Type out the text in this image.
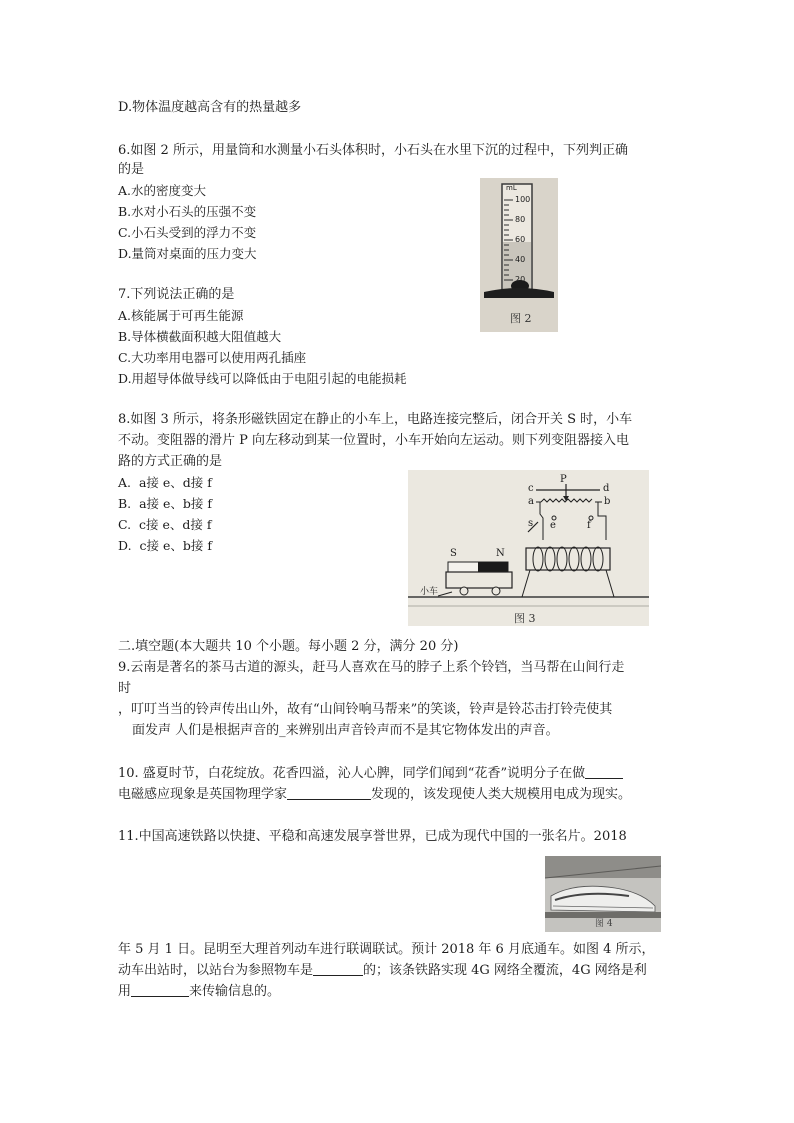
D.物体温度越高含有的热量越多
6.如图 2 所示，用量筒和水测量小石头体积时，小石头在水里下沉的过程中，下列判正确
的是
A.水的密度变大
B.水对小石头的压强不变
C.小石头受到的浮力不变
D.量筒对桌面的压力变大
mL
100
80
60
40
20
图 2
7.下列说法正确的是
A.核能属于可再生能源
B.导体横截面积越大阻值越大
C.大功率用电器可以使用两孔插座
D.用超导体做导线可以降低由于电阻引起的电能损耗
8.如图 3 所示，将条形磁铁固定在静止的小车上，电路连接完整后，闭合开关 S 时，小车
不动。变阻器的滑片 P 向左移动到某一位置时，小车开始向左运动。则下列变阻器接入电
路的方式正确的是
A.  a接 e、d接 f
B.  a接 e、b接 f
C.  c接 e、d接 f
D.  c接 e、b接 f
P
c	d
a	b
s e	f
S	N
小车
图 3
二.填空题(本大题共 10 个小题。每小题 2 分，满分 20 分)
9.云南是著名的茶马古道的源头，赶马人喜欢在马的脖子上系个铃铛，当马帮在山间行走
时
，叮叮当当的铃声传出山外，故有“山间铃响马帮来”的笑谈，铃声是铃芯击打铃壳使其
面发声 人们是根据声音的_来辨别出声音铃声而不是其它物体发出的声音。
10. 盛夏时节，白花绽放。花香四溢，沁人心脾，同学们闻到“花香”说明分子在做
电磁感应现象是英国物理学家	发现的，该发现使人类大规模用电成为现实。
11.中国高速铁路以快捷、平稳和高速发展享誉世界，已成为现代中国的一张名片。2018
图 4
年 5 月 1 日。昆明至大理首列动车进行联调联试。预计 2018 年 6 月底通车。如图 4 所示，
动车出站时，以站台为参照物车是	的；该条铁路实现 4G 网络全覆流，4G 网络是利
用	来传输信息的。
